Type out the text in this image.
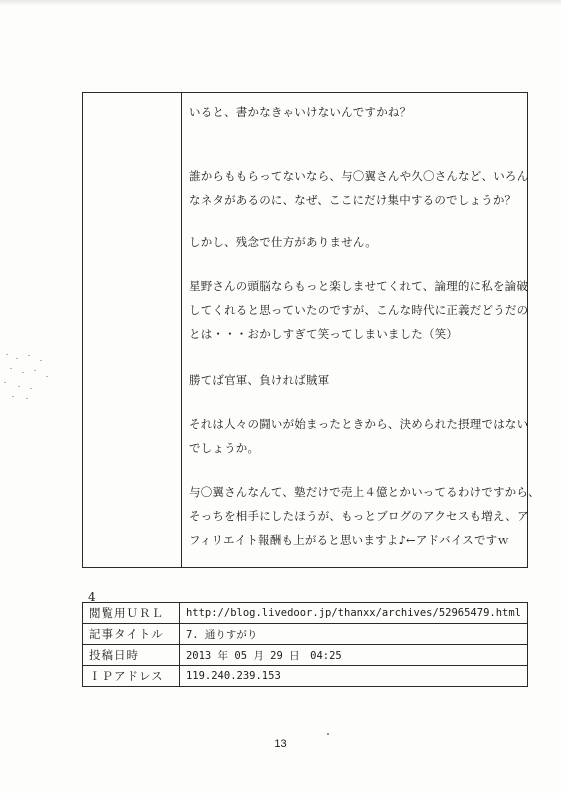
いると、書かなきゃいけないんですかね？

誰からももらってないなら、与〇翼さんや久〇さんなど、いろん

なネタがあるのに、なぜ、ここにだけ集中するのでしょうか？

しかし、残念で仕方がありません。

星野さんの頭脳ならもっと楽しませてくれて、論理的に私を論破

してくれると思っていたのですが、こんな時代に正義だどうだの

とは・・・おかしすぎて笑ってしまいました（笑）

勝てば官軍、負ければ賊軍

それは人々の闘いが始まったときから、決められた摂理ではない

でしょうか。

与〇翼さんなんて、塾だけで売上４億とかいってるわけですから、

そっちを相手にしたほうが、もっとブログのアクセスも増え、ア

フィリエイト報酬も上がると思いますよ♪←アドバイスですｗ

4
閲覧用ＵＲＬ	http://blog.livedoor.jp/thanxx/archives/52965479.html
記事タイトル	7. 通りすがり
投稿日時	2013 年 05 月 29 日　04:25
ＩＰアドレス	119.240.239.153
13
